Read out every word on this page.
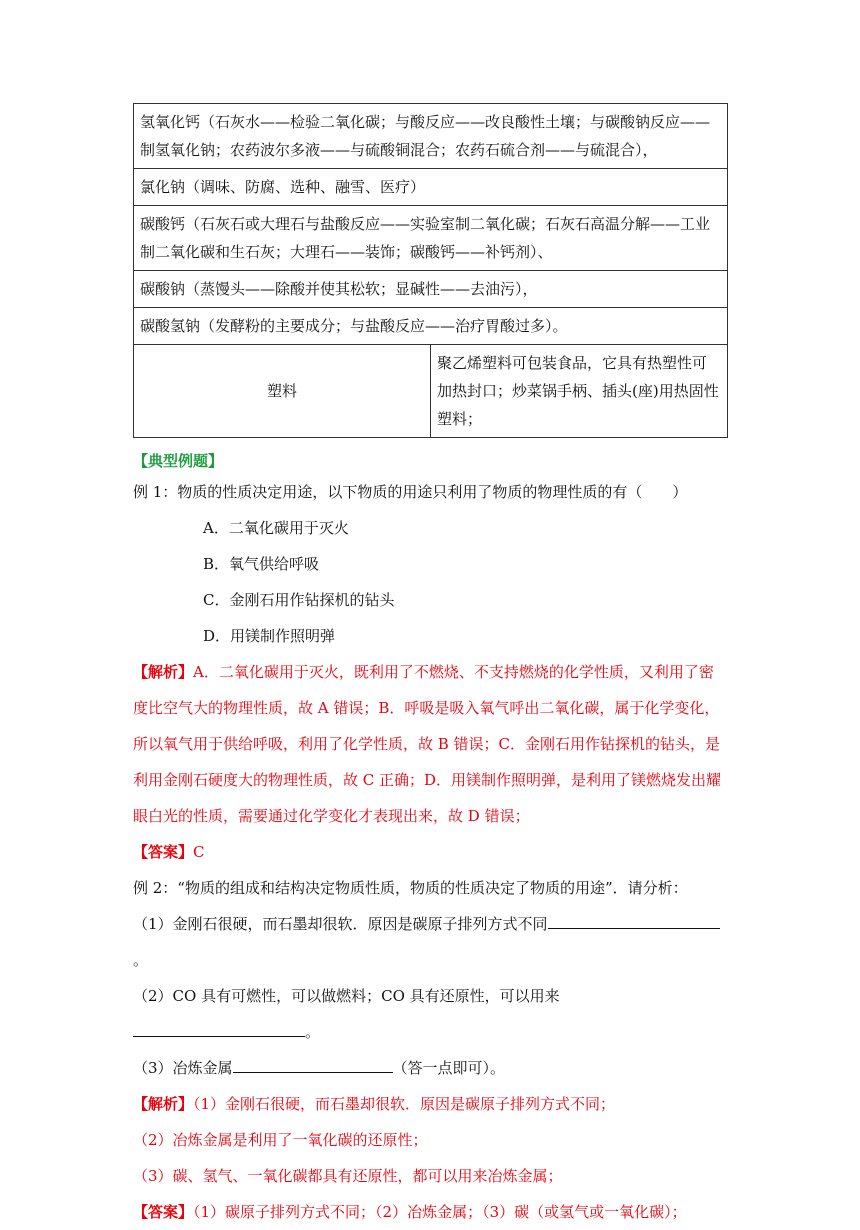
氢氧化钙（石灰水——检验二氧化碳；与酸反应——改良酸性土壤；与碳酸钠反应——制氢氧化钠；农药波尔多液——与硫酸铜混合；农药石硫合剂——与硫混合），
氯化钠（调味、防腐、选种、融雪、医疗）
碳酸钙（石灰石或大理石与盐酸反应——实验室制二氧化碳；石灰石高温分解——工业制二氧化碳和生石灰；大理石——装饰；碳酸钙——补钙剂）、
碳酸钠（蒸馒头——除酸并使其松软；显碱性——去油污），
碳酸氢钠（发酵粉的主要成分；与盐酸反应——治疗胃酸过多）。
塑料	聚乙烯塑料可包装食品，它具有热塑性可加热封口；炒菜锅手柄、插头(座)用热固性塑料；
【典型例题】
例 1：物质的性质决定用途，以下物质的用途只利用了物质的物理性质的有（　　）
A．二氧化碳用于灭火
B．氧气供给呼吸
C．金刚石用作钻探机的钻头
D．用镁制作照明弹
【解析】A．二氧化碳用于灭火，既利用了不燃烧、不支持燃烧的化学性质，又利用了密度比空气大的物理性质，故 A 错误；B．呼吸是吸入氧气呼出二氧化碳，属于化学变化，所以氧气用于供给呼吸，利用了化学性质，故 B 错误；C．金刚石用作钻探机的钻头，是利用金刚石硬度大的物理性质，故 C 正确；D．用镁制作照明弹，是利用了镁燃烧发出耀眼白光的性质，需要通过化学变化才表现出来，故 D 错误；
【答案】C
例 2：“物质的组成和结构决定物质性质，物质的性质决定了物质的用途”．请分析：
（1）金刚石很硬，而石墨却很软．原因是碳原子排列方式不同。
（2）CO 具有可燃性，可以做燃料；CO 具有还原性，可以用来。
（3）冶炼金属	（答一点即可）。
【解析】（1）金刚石很硬，而石墨却很软．原因是碳原子排列方式不同；
（2）冶炼金属是利用了一氧化碳的还原性；
（3）碳、氢气、一氧化碳都具有还原性，都可以用来冶炼金属；
【答案】（1）碳原子排列方式不同；（2）冶炼金属；（3）碳（或氢气或一氧化碳）；
